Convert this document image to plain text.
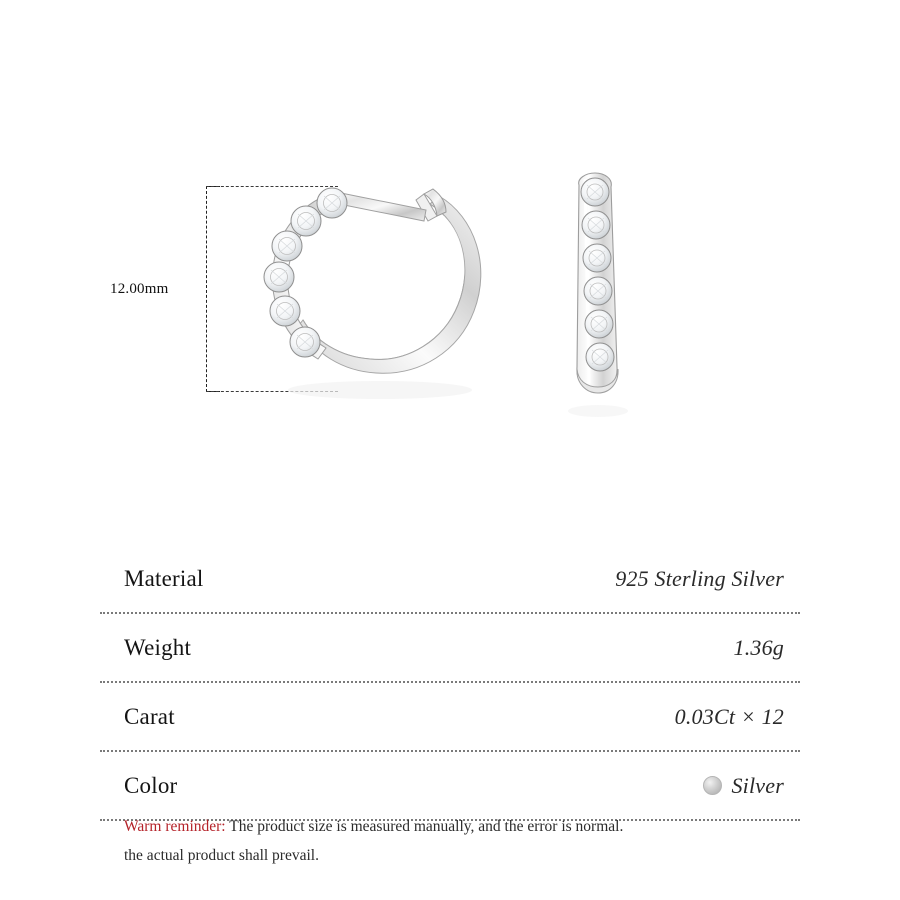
12.00mm
Material	925 Sterling Silver
Weight	1.36g
Carat	0.03Ct × 12
Color	Silver
Warm reminder: The product size is measured manually, and the error is normal.
the actual product shall prevail.
